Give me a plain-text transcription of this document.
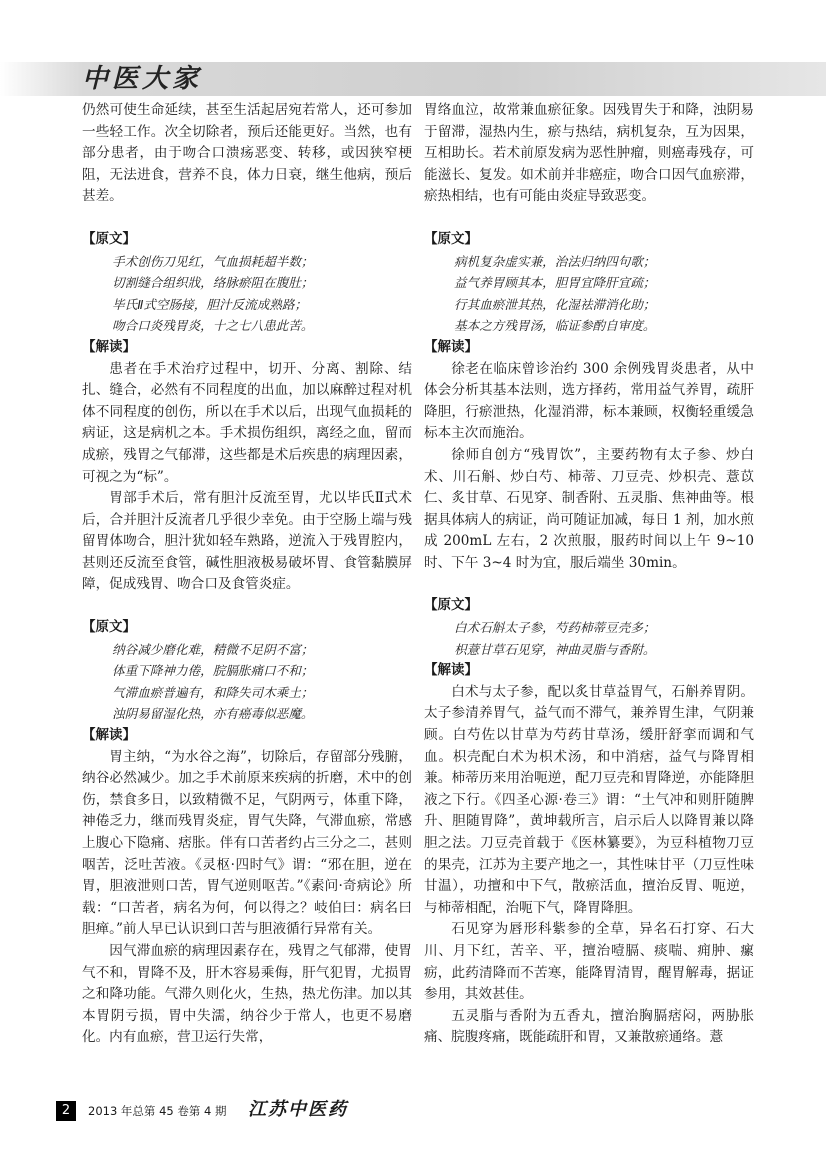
中医大家

仍然可使生命延续，甚至生活起居宛若常人，还可参加一些轻工作。次全切除者，预后还能更好。当然，也有部分患者，由于吻合口溃疡恶变、转移，或因狭窄梗阻，无法进食，营养不良，体力日衰，继生他病，预后甚差。

【原文】

手术创伤刀见红，气血损耗超半数；

切割缝合组织戕，络脉瘀阻在腹肚；

毕氏Ⅱ式空肠接，胆汁反流成熟路；

吻合口炎残胃炎，十之七八患此苦。

【解读】

患者在手术治疗过程中，切开、分离、割除、结扎、缝合，必然有不同程度的出血，加以麻醉过程对机体不同程度的创伤，所以在手术以后，出现气血损耗的病证，这是病机之本。手术损伤组织，离经之血，留而成瘀，残胃之气郁滞，这些都是术后疾患的病理因素，可视之为“标”。

胃部手术后，常有胆汁反流至胃，尤以毕氏Ⅱ式术后，合并胆汁反流者几乎很少幸免。由于空肠上端与残留胃体吻合，胆汁犹如轻车熟路，逆流入于残胃腔内，甚则还反流至食管，碱性胆液极易破坏胃、食管黏膜屏障，促成残胃、吻合口及食管炎症。

【原文】

纳谷减少磨化难，精微不足阴不富；

体重下降神力倦，脘膈胀痛口不和；

气滞血瘀普遍有，和降失司木乘土；

浊阴易留湿化热，亦有癌毒似恶魔。

【解读】

胃主纳，“为水谷之海”，切除后，存留部分残腑，纳谷必然减少。加之手术前原来疾病的折磨，术中的创伤，禁食多日，以致精微不足，气阴两亏，体重下降，神倦乏力，继而残胃炎症，胃气失降，气滞血瘀，常感上腹心下隐痛、痞胀。伴有口苦者约占三分之二，甚则咽苦，泛吐苦液。《灵枢·四时气》谓：“邪在胆，逆在胃，胆液泄则口苦，胃气逆则呕苦。”《素问·奇病论》所载：“口苦者，病名为何，何以得之？岐伯曰：病名曰胆瘅。”前人早已认识到口苦与胆液循行异常有关。

因气滞血瘀的病理因素存在，残胃之气郁滞，使胃气不和，胃降不及，肝木容易乘侮，肝气犯胃，尤损胃之和降功能。气滞久则化火，生热，热尤伤津。加以其本胃阴亏损，胃中失濡，纳谷少于常人，也更不易磨化。内有血瘀，营卫运行失常，

胃络血泣，故常兼血瘀征象。因残胃失于和降，浊阴易于留滞，湿热内生，瘀与热结，病机复杂，互为因果，互相助长。若术前原发病为恶性肿瘤，则癌毒残存，可能滋长、复发。如术前并非癌症，吻合口因气血瘀滞，瘀热相结，也有可能由炎症导致恶变。

【原文】

病机复杂虚实兼，治法归纳四句歌；

益气养胃顾其本，胆胃宜降肝宜疏；

行其血瘀泄其热，化湿祛滞消化助；

基本之方残胃汤，临证参酌自审度。

【解读】

徐老在临床曾诊治约 300 余例残胃炎患者，从中体会分析其基本法则，选方择药，常用益气养胃，疏肝降胆，行瘀泄热，化湿消滞，标本兼顾，权衡轻重缓急标本主次而施治。

徐师自创方“残胃饮”，主要药物有太子参、炒白术、川石斛、炒白芍、柿蒂、刀豆壳、炒枳壳、薏苡仁、炙甘草、石见穿、制香附、五灵脂、焦神曲等。根据具体病人的病证，尚可随证加减，每日 1 剂，加水煎成 200mL 左右，2 次煎服，服药时间以上午 9~10 时、下午 3~4 时为宜，服后端坐 30min。

【原文】

白术石斛太子参，芍药柿蒂豆壳多；

枳薏甘草石见穿，神曲灵脂与香附。

【解读】

白术与太子参，配以炙甘草益胃气，石斛养胃阴。太子参清养胃气，益气而不滞气，兼养胃生津，气阴兼顾。白芍佐以甘草为芍药甘草汤，缓肝舒挛而调和气血。枳壳配白术为枳术汤，和中消痞，益气与降胃相兼。柿蒂历来用治呃逆，配刀豆壳和胃降逆，亦能降胆液之下行。《四圣心源·卷三》谓：“土气冲和则肝随脾升、胆随胃降”，黄坤载所言，启示后人以降胃兼以降胆之法。刀豆壳首载于《医林纂要》，为豆科植物刀豆的果壳，江苏为主要产地之一，其性味甘平（刀豆性味甘温），功擅和中下气，散瘀活血，擅治反胃、呃逆，与柿蒂相配，治呃下气，降胃降胆。

石见穿为唇形科紫参的全草，异名石打穿、石大川、月下红，苦辛、平，擅治噎膈、痰喘、痈肿、瘰疬，此药清降而不苦寒，能降胃清胃，醒胃解毒，据证参用，其效甚佳。

五灵脂与香附为五香丸，擅治胸膈痞闷，两胁胀痛、脘腹疼痛，既能疏肝和胃，又兼散瘀通络。薏

2	2013 年总第 45 卷第 4 期 江苏中医药
